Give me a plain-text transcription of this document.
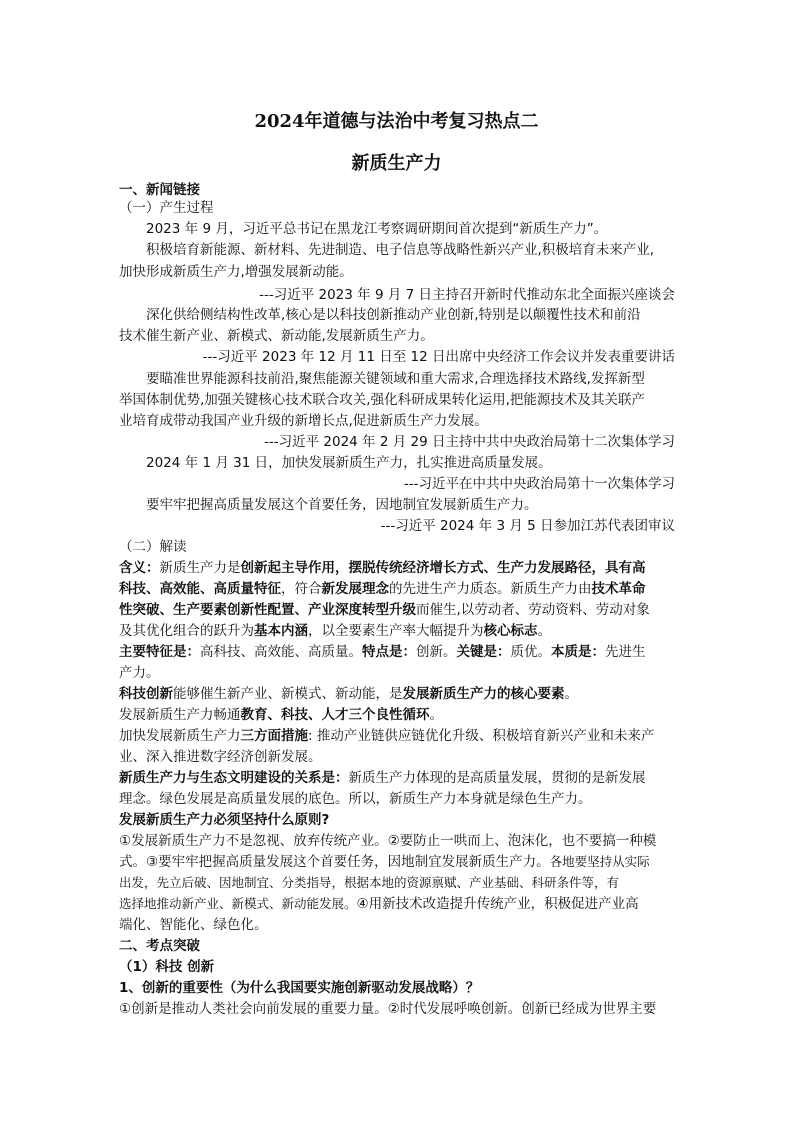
2024年道德与法治中考复习热点二
新质生产力
一、新闻链接
（一）产生过程
2023 年 9 月，习近平总书记在黑龙江考察调研期间首次提到“新质生产力”。
积极培育新能源、新材料、先进制造、电子信息等战略性新兴产业,积极培育未来产业,
加快形成新质生产力,增强发展新动能。
---习近平 2023 年 9 月 7 日主持召开新时代推动东北全面振兴座谈会
深化供给侧结构性改革,核心是以科技创新推动产业创新,特别是以颠覆性技术和前沿
技术催生新产业、新模式、新动能,发展新质生产力。
---习近平 2023 年 12 月 11 日至 12 日出席中央经济工作会议并发表重要讲话
要瞄准世界能源科技前沿,聚焦能源关键领域和重大需求,合理选择技术路线,发挥新型
举国体制优势,加强关键核心技术联合攻关,强化科研成果转化运用,把能源技术及其关联产
业培育成带动我国产业升级的新增长点,促进新质生产力发展。
---习近平 2024 年 2 月 29 日主持中共中央政治局第十二次集体学习
2024 年 1 月 31 日，加快发展新质生产力，扎实推进高质量发展。
---习近平在中共中央政治局第十一次集体学习
要牢牢把握高质量发展这个首要任务，因地制宜发展新质生产力。
---习近平 2024 年 3 月 5 日参加江苏代表团审议
（二）解读
含义：新质生产力是创新起主导作用，摆脱传统经济增长方式、生产力发展路径，具有高
科技、高效能、高质量特征，符合新发展理念的先进生产力质态。新质生产力由技术革命
性突破、生产要素创新性配置、产业深度转型升级而催生,以劳动者、劳动资料、劳动对象
及其优化组合的跃升为基本内涵，以全要素生产率大幅提升为核心标志。
主要特征是：高科技、高效能、高质量。特点是：创新。关键是：质优。本质是：先进生
产力。
科技创新能够催生新产业、新模式、新动能，是发展新质生产力的核心要素。
发展新质生产力畅通教育、科技、人才三个良性循环。
加快发展新质生产力三方面措施: 推动产业链供应链优化升级、积极培育新兴产业和未来产
业、深入推进数字经济创新发展。
新质生产力与生态文明建设的关系是：新质生产力体现的是高质量发展，贯彻的是新发展
理念。绿色发展是高质量发展的底色。所以，新质生产力本身就是绿色生产力。
发展新质生产力必须坚持什么原则?
①发展新质生产力不是忽视、放弃传统产业。②要防止一哄而上、泡沫化，也不要搞一种模
式。③要牢牢把握高质量发展这个首要任务，因地制宜发展新质生产力。各地要坚持从实际
出发，先立后破、因地制宜、分类指导，根据本地的资源禀赋、产业基础、科研条件等，有
选择地推动新产业、新模式、新动能发展。④用新技术改造提升传统产业，积极促进产业高
端化、智能化、绿色化。
二、考点突破
（1）科技 创新
1、创新的重要性（为什么我国要实施创新驱动发展战略）？
①创新是推动人类社会向前发展的重要力量。②时代发展呼唤创新。创新已经成为世界主要
